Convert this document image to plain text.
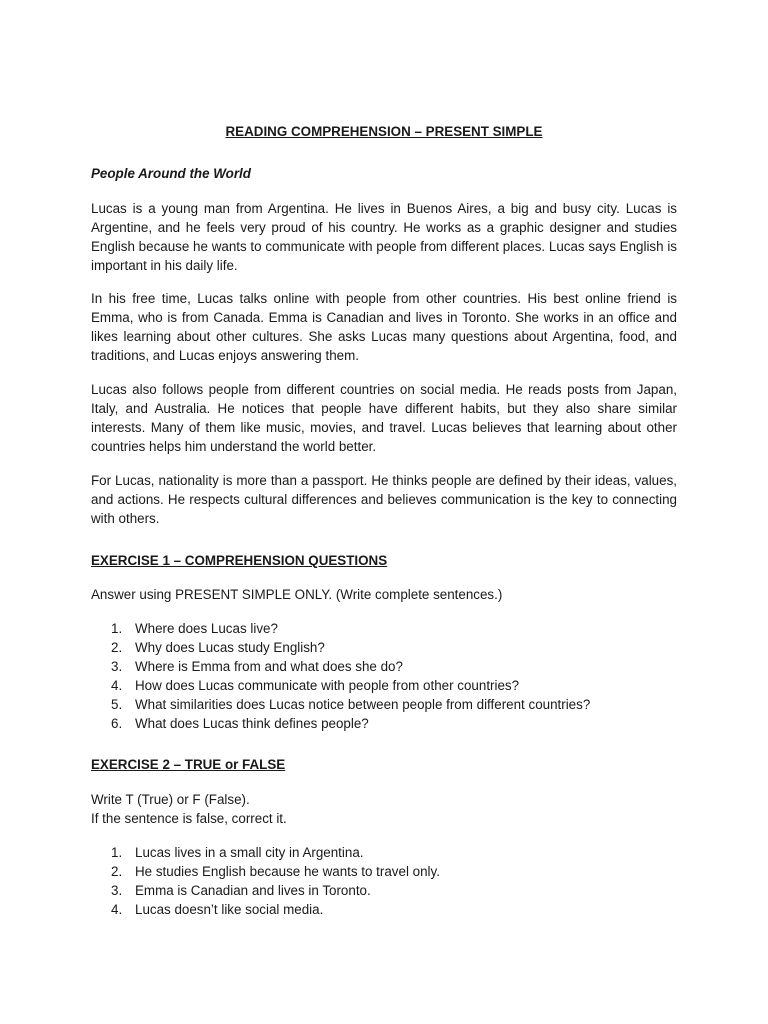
READING COMPREHENSION – PRESENT SIMPLE
People Around the World

Lucas is a young man from Argentina. He lives in Buenos Aires, a big and busy city. Lucas is Argentine, and he feels very proud of his country. He works as a graphic designer and studies English because he wants to communicate with people from different places. Lucas says English is important in his daily life.

In his free time, Lucas talks online with people from other countries. His best online friend is Emma, who is from Canada. Emma is Canadian and lives in Toronto. She works in an office and likes learning about other cultures. She asks Lucas many questions about Argentina, food, and traditions, and Lucas enjoys answering them.

Lucas also follows people from different countries on social media. He reads posts from Japan, Italy, and Australia. He notices that people have different habits, but they also share similar interests. Many of them like music, movies, and travel. Lucas believes that learning about other countries helps him understand the world better.

For Lucas, nationality is more than a passport. He thinks people are defined by their ideas, values, and actions. He respects cultural differences and believes communication is the key to connecting with others.

EXERCISE 1 – COMPREHENSION QUESTIONS

Answer using PRESENT SIMPLE ONLY. (Write complete sentences.)

1. Where does Lucas live?
2. Why does Lucas study English?
3. Where is Emma from and what does she do?
4. How does Lucas communicate with people from other countries?
5. What similarities does Lucas notice between people from different countries?
6. What does Lucas think defines people?
EXERCISE 2 – TRUE or FALSE

Write T (True) or F (False).

If the sentence is false, correct it.

1. Lucas lives in a small city in Argentina.
2. He studies English because he wants to travel only.
3. Emma is Canadian and lives in Toronto.
4. Lucas doesn’t like social media.
